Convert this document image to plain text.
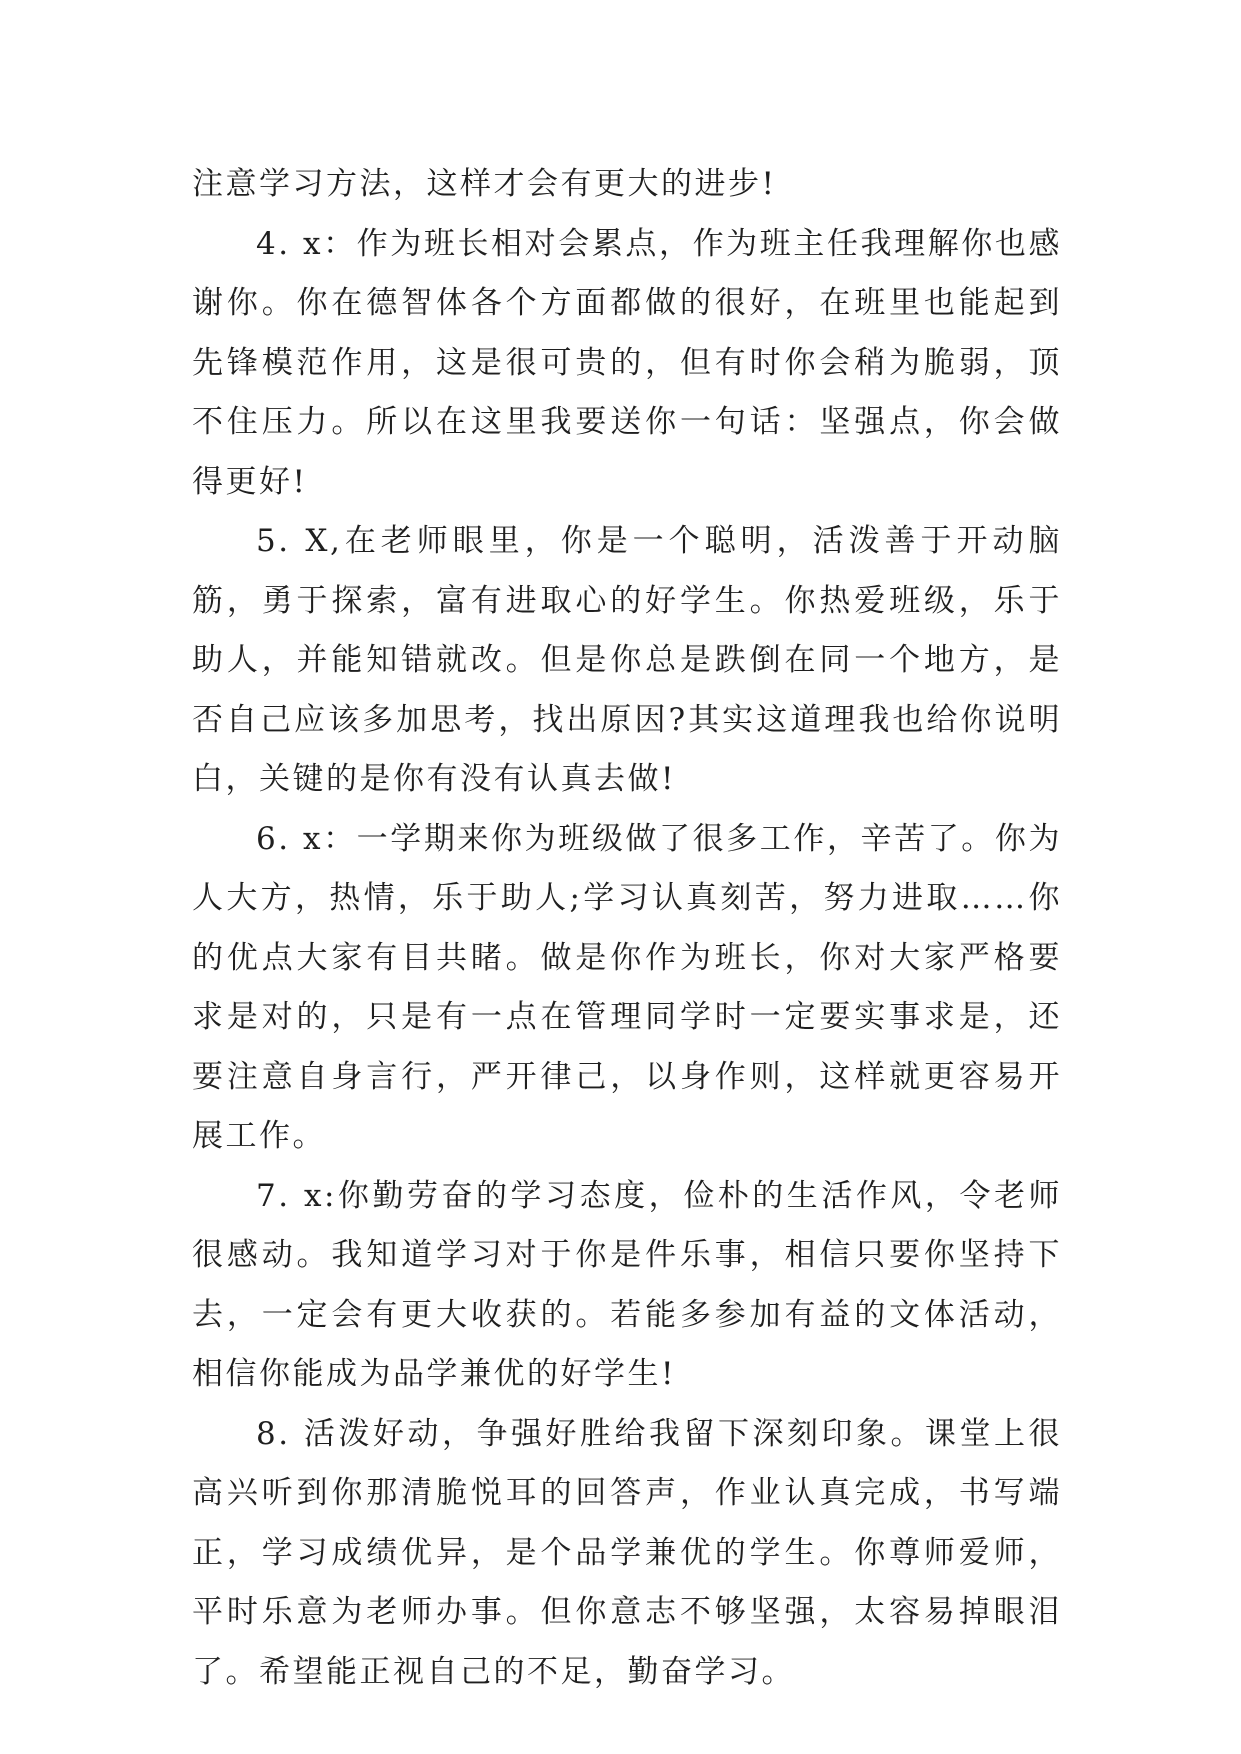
注意学习方法，这样才会有更大的进步!

4. x：作为班长相对会累点，作为班主任我理解你也感谢你。你在德智体各个方面都做的很好，在班里也能起到先锋模范作用，这是很可贵的，但有时你会稍为脆弱，顶不住压力。所以在这里我要送你一句话：坚强点，你会做得更好!

5. X,在老师眼里，你是一个聪明，活泼善于开动脑筋，勇于探索，富有进取心的好学生。你热爱班级，乐于助人，并能知错就改。但是你总是跌倒在同一个地方，是否自己应该多加思考，找出原因?其实这道理我也给你说明白，关键的是你有没有认真去做!

6. x：一学期来你为班级做了很多工作，辛苦了。你为人大方，热情，乐于助人;学习认真刻苦，努力进取……你的优点大家有目共睹。做是你作为班长，你对大家严格要求是对的，只是有一点在管理同学时一定要实事求是，还要注意自身言行，严开律己，以身作则，这样就更容易开展工作。

7. x:你勤劳奋的学习态度，俭朴的生活作风，令老师很感动。我知道学习对于你是件乐事，相信只要你坚持下去，一定会有更大收获的。若能多参加有益的文体活动，相信你能成为品学兼优的好学生!

8. 活泼好动，争强好胜给我留下深刻印象。课堂上很高兴听到你那清脆悦耳的回答声，作业认真完成，书写端正，学习成绩优异，是个品学兼优的学生。你尊师爱师，平时乐意为老师办事。但你意志不够坚强，太容易掉眼泪了。希望能正视自己的不足，勤奋学习。
